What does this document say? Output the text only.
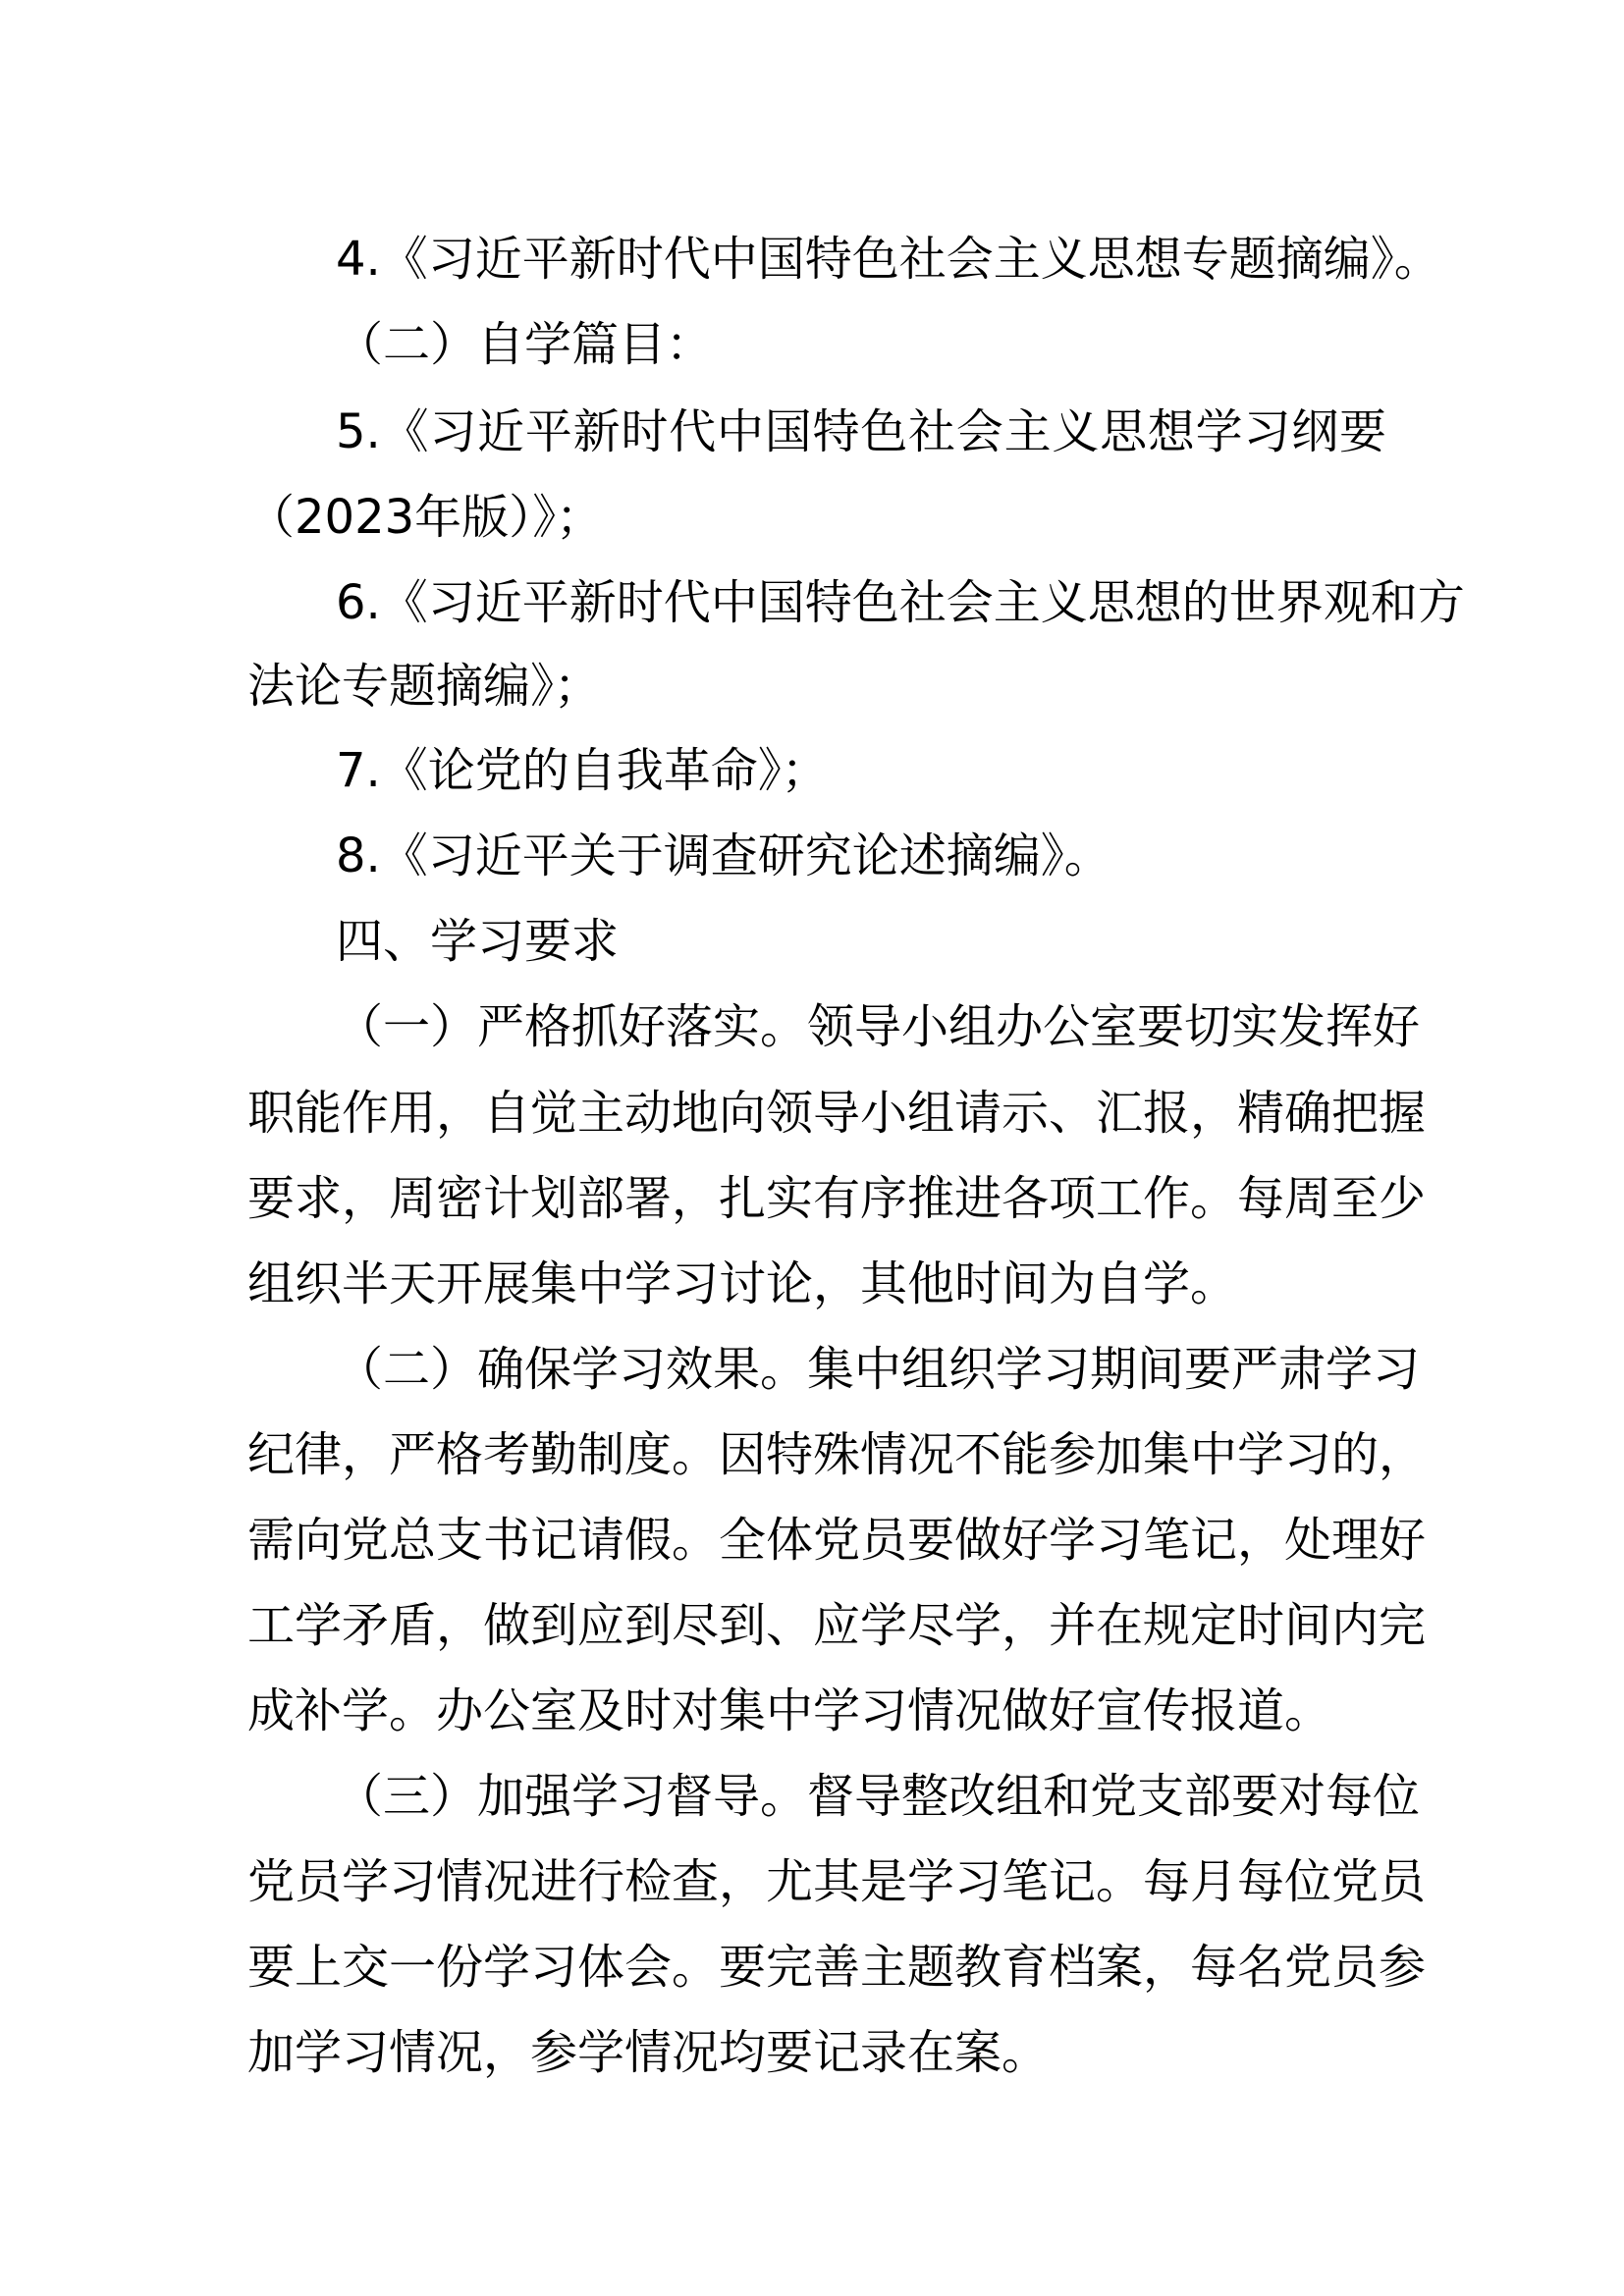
4.《习近平新时代中国特色社会主义思想专题摘编》。
（二）自学篇目：
5.《习近平新时代中国特色社会主义思想学习纲要
（2023年版）》；
6.《习近平新时代中国特色社会主义思想的世界观和方
法论专题摘编》；
7.《论党的自我革命》；
8.《习近平关于调查研究论述摘编》。
四、学习要求
（一）严格抓好落实。领导小组办公室要切实发挥好
职能作用，自觉主动地向领导小组请示、汇报，精确把握
要求，周密计划部署，扎实有序推进各项工作。每周至少
组织半天开展集中学习讨论，其他时间为自学。
（二）确保学习效果。集中组织学习期间要严肃学习
纪律，严格考勤制度。因特殊情况不能参加集中学习的，
需向党总支书记请假。全体党员要做好学习笔记，处理好
工学矛盾，做到应到尽到、应学尽学，并在规定时间内完
成补学。办公室及时对集中学习情况做好宣传报道。
（三）加强学习督导。督导整改组和党支部要对每位
党员学习情况进行检查，尤其是学习笔记。每月每位党员
要上交一份学习体会。要完善主题教育档案，每名党员参
加学习情况，参学情况均要记录在案。
